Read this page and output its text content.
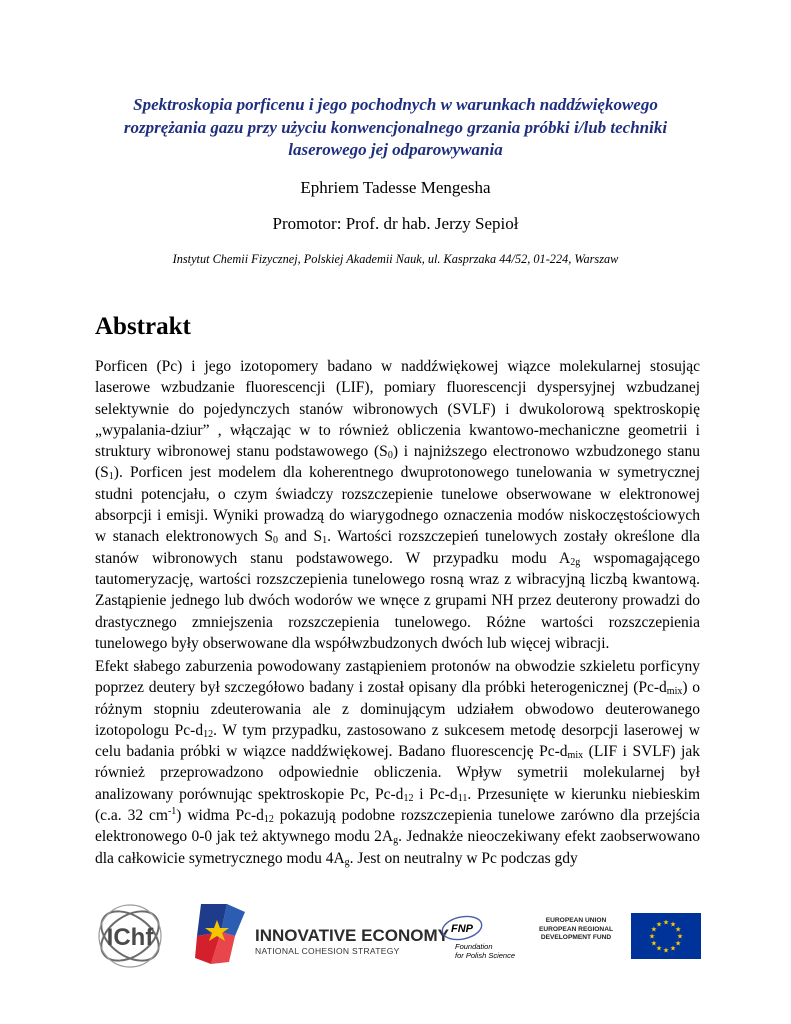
Spektroskopia porficenu i jego pochodnych w warunkach naddźwiękowego rozprężania gazu przy użyciu konwencjonalnego grzania próbki i/lub techniki laserowego jej odparowywania
Ephriem Tadesse Mengesha
Promotor: Prof. dr hab. Jerzy Sepioł
Instytut Chemii Fizycznej, Polskiej Akademii Nauk, ul. Kasprzaka 44/52, 01-224, Warszaw
Abstrakt

Porficen (Pc) i jego izotopomery badano w naddźwiękowej wiązce molekularnej stosując laserowe wzbudzanie fluorescencji (LIF), pomiary fluorescencji dyspersyjnej wzbudzanej selektywnie do pojedynczych stanów wibronowych (SVLF) i dwukolorową spektroskopię „wypalania-dziur” , włączając w to również obliczenia kwantowo-mechaniczne geometrii i struktury wibronowej stanu podstawowego $(S_0)$ i najniższego electronowo wzbudzonego stanu $(S_1)$. Porficen jest modelem dla koherentnego dwuprotonowego tunelowania w symetrycznej studni potencjału, o czym świadczy rozszczepienie tunelowe obserwowane w elektronowej absorpcji i emisji. Wyniki prowadzą do wiarygodnego oznaczenia modów niskoczęstościowych w stanach elektronowych $S_0$ and $S_1$. Wartości rozszczepień tunelowych zostały określone dla stanów wibronowych stanu podstawowego. W przypadku modu $A_{2g}$ wspomagającego tautomeryzację, wartości rozszczepienia tunelowego rosną wraz z wibracyjną liczbą kwantową. Zastąpienie jednego lub dwóch wodorów we wnęce z grupami NH przez deuterony prowadzi do drastycznego zmniejszenia rozszczepienia tunelowego. Różne wartości rozszczepienia tunelowego były obserwowane dla współwzbudzonych dwóch lub więcej wibracji.

Efekt słabego zaburzenia powodowany zastąpieniem protonów na obwodzie szkieletu porficyny poprzez deutery był szczegółowo badany i został opisany dla próbki heterogenicznej $(Pc-d_{mix})$ o różnym stopniu zdeuterowania ale z dominującym udziałem obwodowo deuterowanego izotopologu $Pc-d_{12}$. W tym przypadku, zastosowano z sukcesem metodę desorpcji laserowej w celu badania próbki w wiązce naddźwiękowej. Badano fluorescencję $Pc-d_{mix}$ (LIF i SVLF) jak również przeprowadzono odpowiednie obliczenia. Wpływ symetrii molekularnej był analizowany porównując spektroskopie Pc, $Pc-d_{12}$ i $Pc-d_{11}$. Przesunięte w kierunku niebieskim (c.a. 32 $cm^{-1}$) widma $Pc-d_{12}$ pokazują podobne rozszczepienia tunelowe zarówno dla przejścia elektronowego 0-0 jak też aktywnego modu $2A_g$. Jednakże nieoczekiwany efekt zaobserwowano dla całkowicie symetrycznego modu $4A_g$. Jest on neutralny w Pc podczas gdy

IChf	INNOVATIVE ECONOMY
NATIONAL COHESION STRATEGY
FNP
Foundation
for Polish Science
EUROPEAN UNION
EUROPEAN REGIONAL
DEVELOPMENT FUND
★ ★
★
★
★
★
★
★
★
★
★
★
